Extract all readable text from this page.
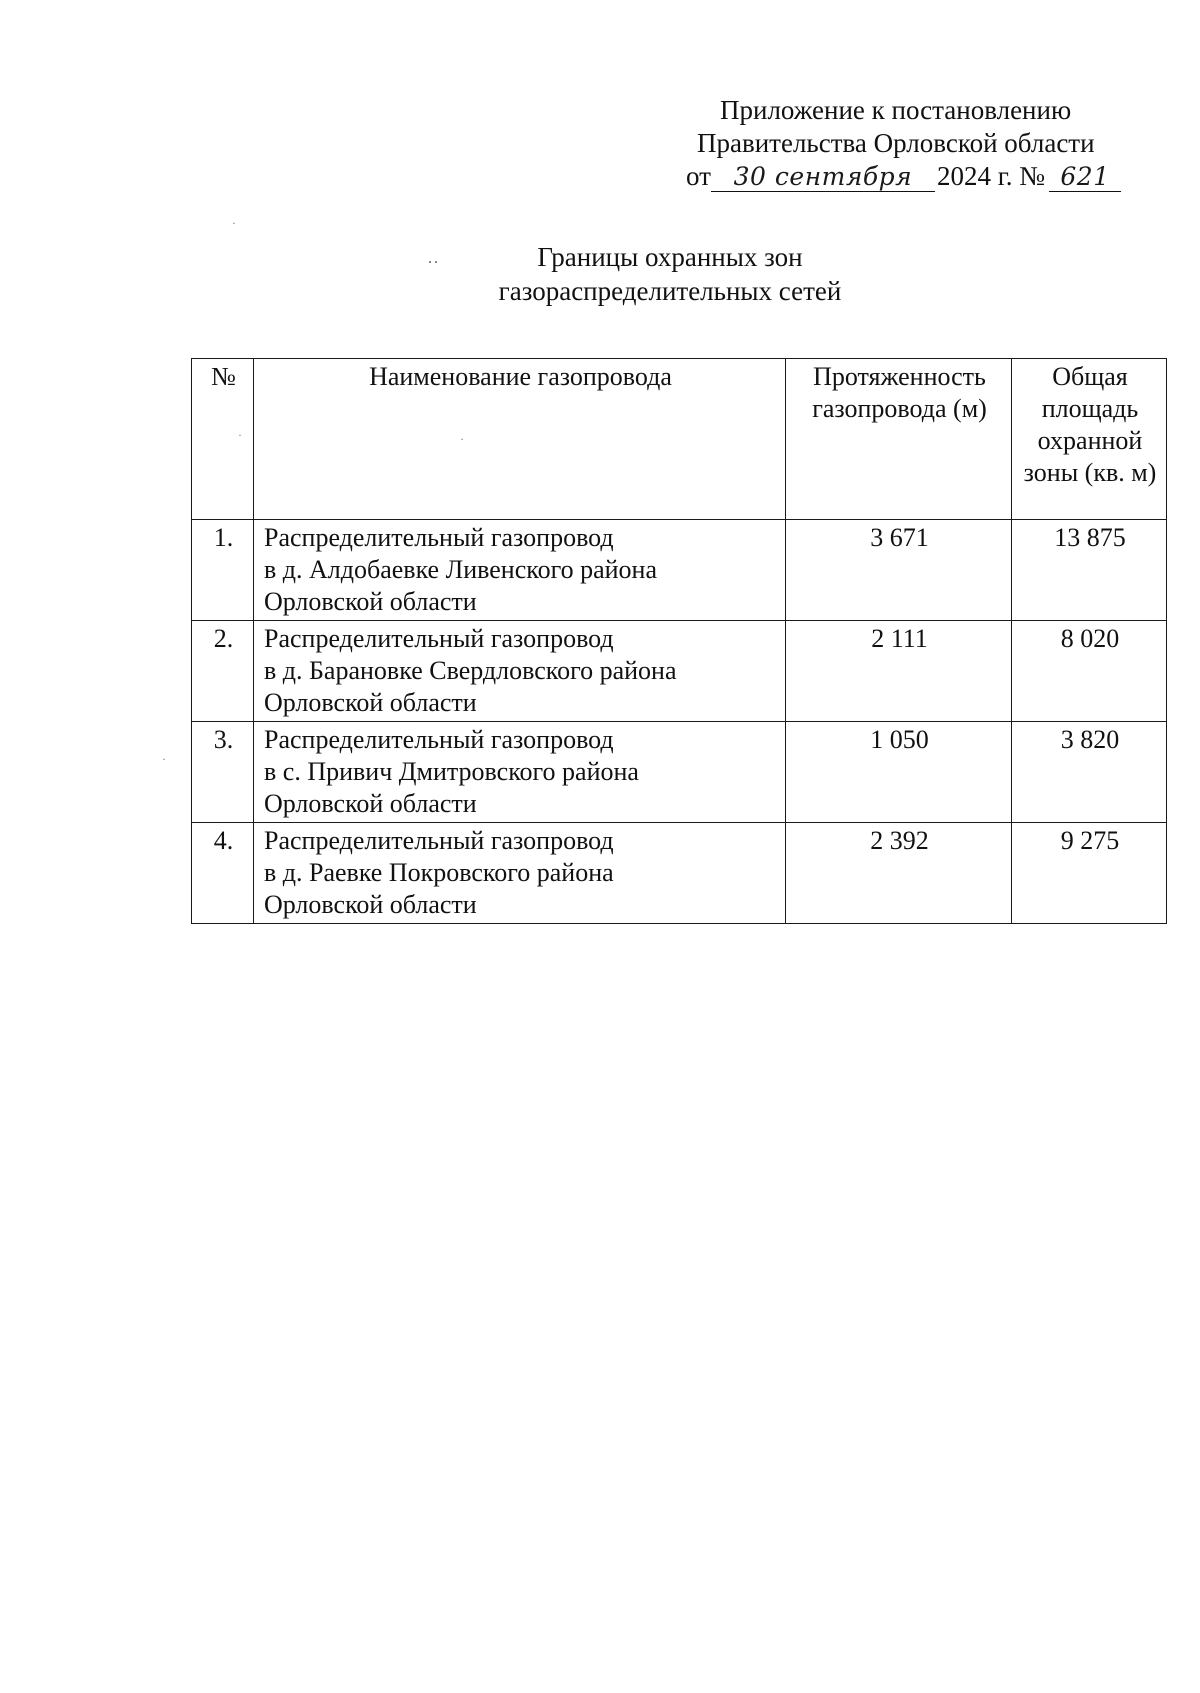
Приложение к постановлению
Правительства Орловской области
от 30 сентября 2024 г. № 621
..
·
·
·	·
Границы охранных зон
газораспределительных сетей
№	Наименование газопровода	Протяженность газопровода (м)	Общая площадь охранной зоны (кв. м)
1.	Распределительный газопровод
в д. Алдобаевке Ливенского района
Орловской области	3 671	13 875
2.	Распределительный газопровод
в д. Барановке Свердловского района
Орловской области	2 111	8 020
3.	Распределительный газопровод
в с. Привич Дмитровского района
Орловской области	1 050	3 820
4.	Распределительный газопровод
в д. Раевке Покровского района
Орловской области	2 392	9 275
